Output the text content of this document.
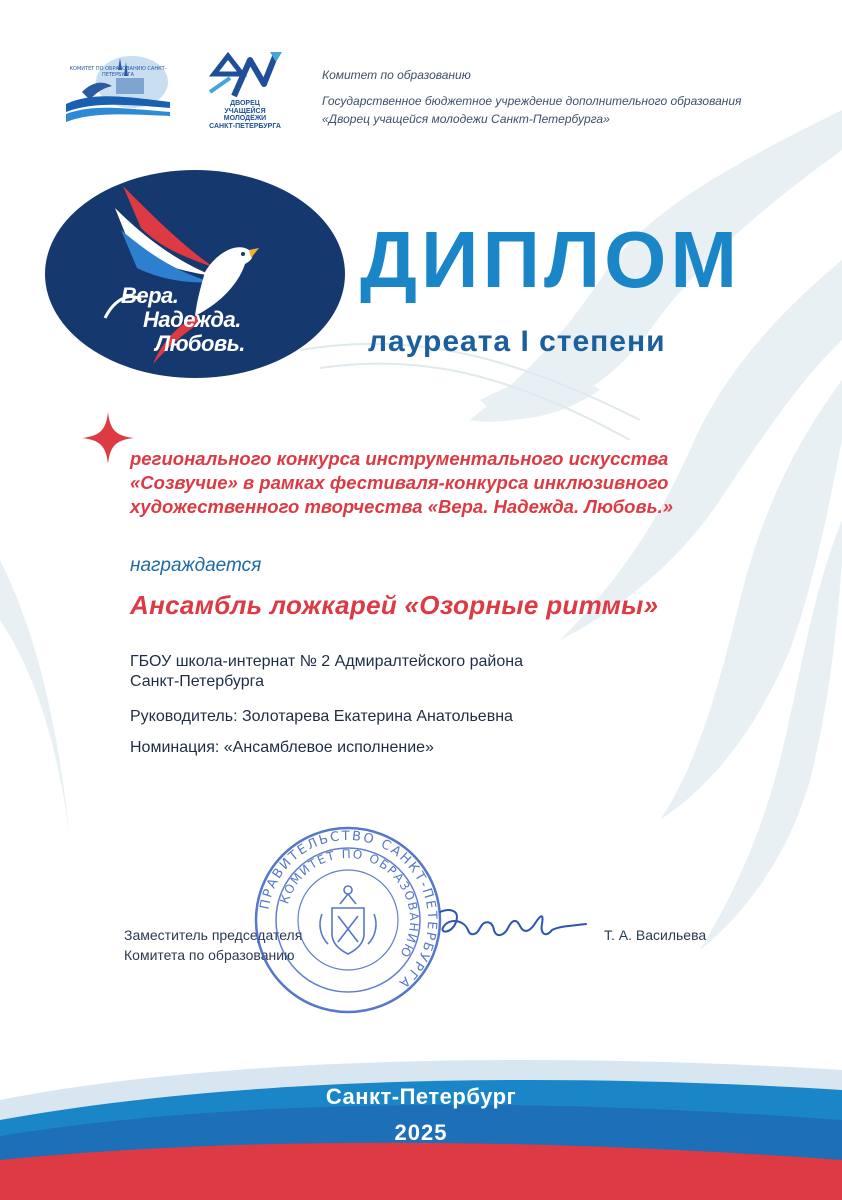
КОМИТЕТ ПО ОБРАЗОВАНИЮ САНКТ-ПЕТЕРБУРГА
ДВОРЕЦ
УЧАЩЕЙСЯ
МОЛОДЁЖИ
САНКТ-ПЕТЕРБУРГА
Комитет по образованию
Государственное бюджетное учреждение дополнительного образования
«Дворец учащейся молодежи Санкт-Петербурга»
Вера.
Надежда.
Любовь.
ДИПЛОМ
лауреата I степени
регионального конкурса инструментального искусства
«Созвучие» в рамках фестиваля-конкурса инклюзивного
художественного творчества «Вера. Надежда. Любовь.»
награждается
Ансамбль ложкарей «Озорные ритмы»
ГБОУ школа-интернат № 2 Адмиралтейского района
Санкт-Петербурга
Руководитель: Золотарева Екатерина Анатольевна
Номинация: «Ансамблевое исполнение»
Заместитель председателя
Комитета по образованию
Т. А. Васильева
ПРАВИТЕЛЬСТВО САНКТ-ПЕТЕРБУРГА
КОМИТЕТ ПО ОБРАЗОВАНИЮ
Санкт-Петербург
2025
